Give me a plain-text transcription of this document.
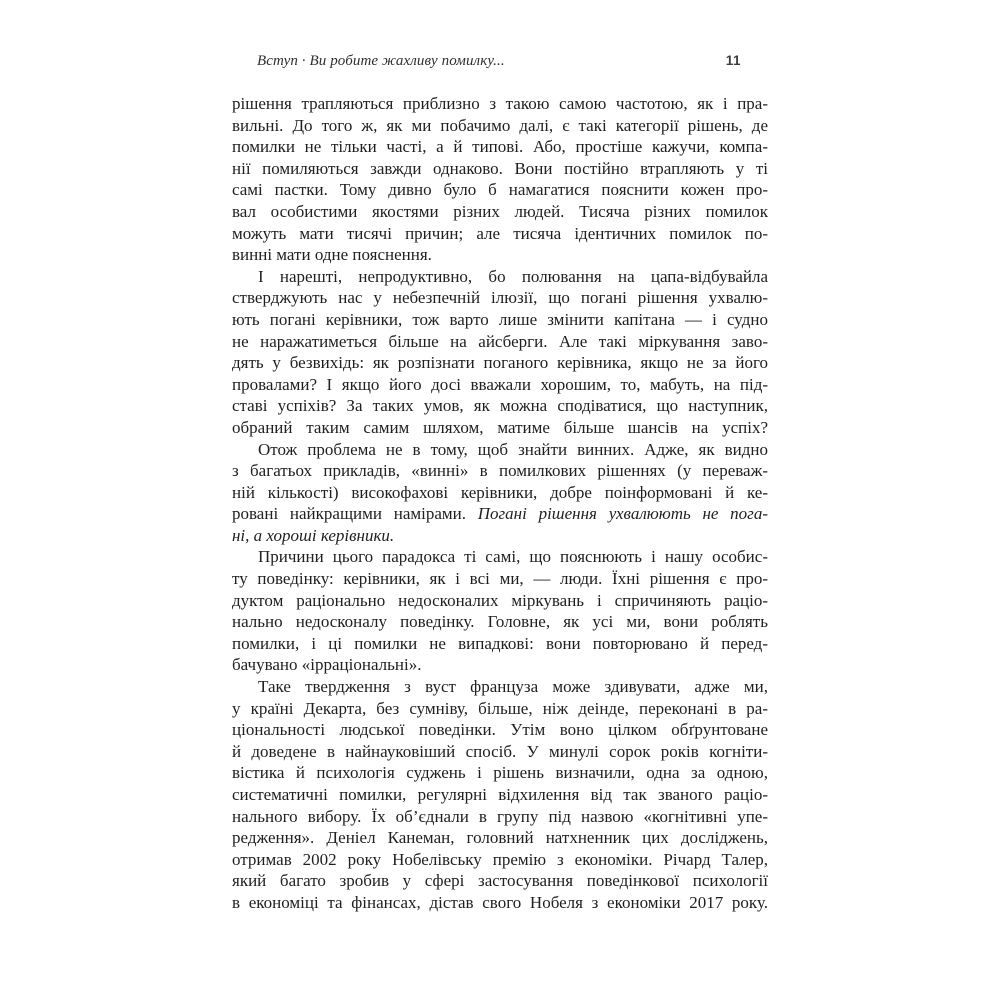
Вступ · Ви робите жахливу помилку...	11
рішення трапляються приблизно з такою самою частотою, як і пра-
вильні. До того ж, як ми побачимо далі, є такі категорії рішень, де
помилки не тільки часті, а й типові. Або, простіше кажучи, компа-
нії помиляються завжди однаково. Вони постійно втрапляють у ті
самі пастки. Тому дивно було б намагатися пояснити кожен про-
вал особистими якостями різних людей. Тисяча різних помилок
можуть мати тисячі причин; але тисяча ідентичних помилок по-
винні мати одне пояснення.
І нарешті, непродуктивно, бо полювання на цапа-відбувайла
стверджують нас у небезпечній ілюзії, що погані рішення ухвалю-
ють погані керівники, тож варто лише змінити капітана — і судно
не наражатиметься більше на айсберги. Але такі міркування заво-
дять у безвихідь: як розпізнати поганого керівника, якщо не за його
провалами? І якщо його досі вважали хорошим, то, мабуть, на під-
ставі успіхів? За таких умов, як можна сподіватися, що наступник,
обраний таким самим шляхом, матиме більше шансів на успіх?
Отож проблема не в тому, щоб знайти винних. Адже, як видно
з багатьох прикладів, «винні» в помилкових рішеннях (у переваж-
ній кількості) високофахові керівники, добре поінформовані й ке-
ровані найкращими намірами. Погані рішення ухвалюють не пога-
ні, а хороші керівники.
Причини цього парадокса ті самі, що пояснюють і нашу особис-
ту поведінку: керівники, як і всі ми, — люди. Їхні рішення є про-
дуктом раціонально недосконалих міркувань і спричиняють раціо-
нально недосконалу поведінку. Головне, як усі ми, вони роблять
помилки, і ці помилки не випадкові: вони повторювано й перед-
бачувано «ірраціональні».
Таке твердження з вуст француза може здивувати, адже ми,
у країні Декарта, без сумніву, більше, ніж деінде, переконані в ра-
ціональності людської поведінки. Утім воно цілком обґрунтоване
й доведене в найнауковіший спосіб. У минулі сорок років когніти-
вістика й психологія суджень і рішень визначили, одна за одною,
систематичні помилки, регулярні відхилення від так званого раціо-
нального вибору. Їх об’єднали в групу під назвою «когнітивні упе-
редження». Деніел Канеман, головний натхненник цих досліджень,
отримав 2002 року Нобелівську премію з економіки. Річард Талер,
який багато зробив у сфері застосування поведінкової психології
в економіці та фінансах, дістав свого Нобеля з економіки 2017 року.
